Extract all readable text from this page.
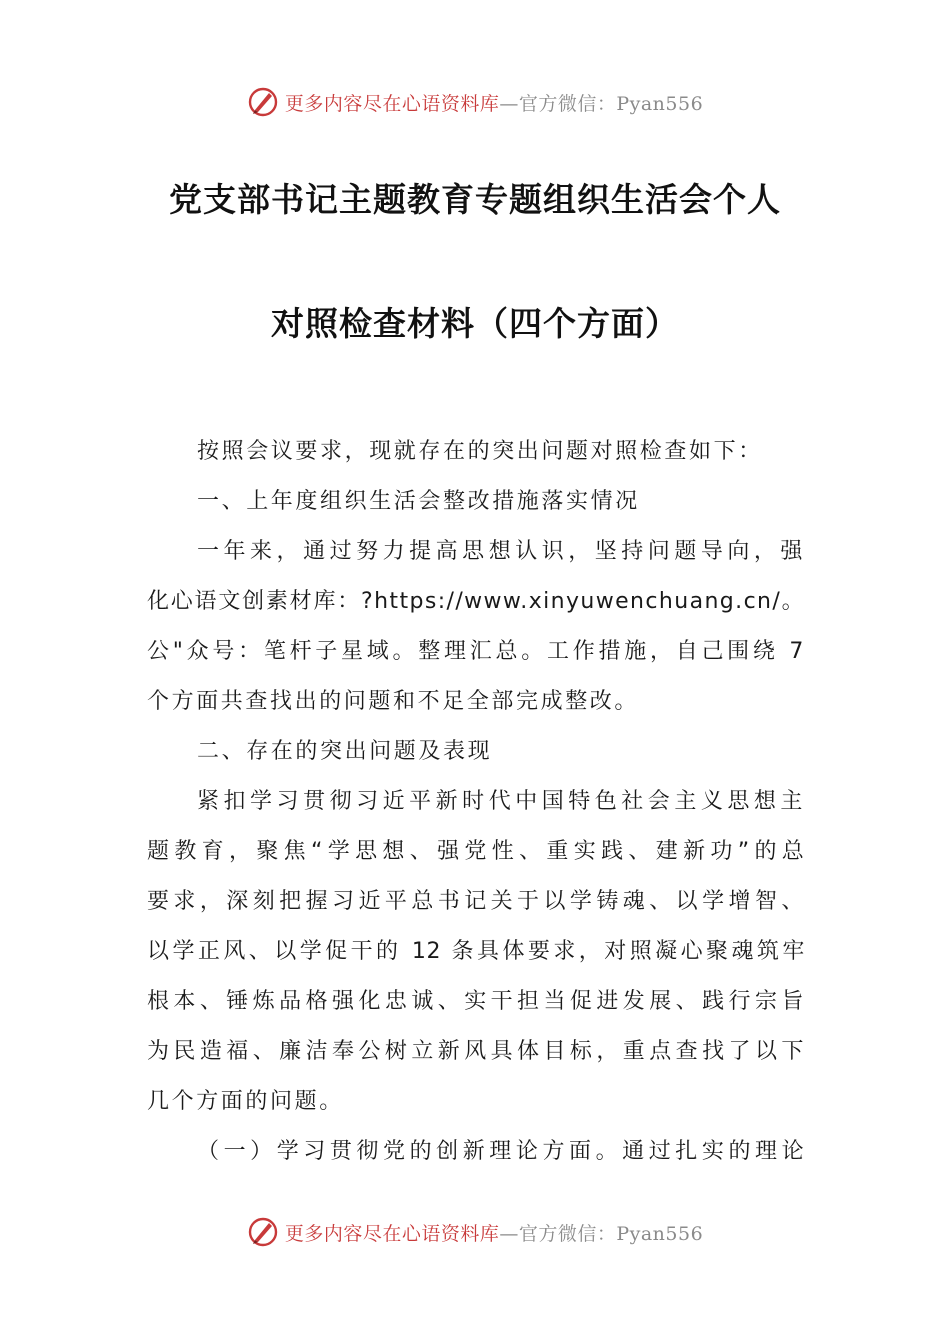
更多内容尽在心语资料库—官方微信：Pyan556
党支部书记主题教育专题组织生活会个人
对照检查材料（四个方面）
按照会议要求，现就存在的突出问题对照检查如下：
一、上年度组织生活会整改措施落实情况
一年来，通过努力提高思想认识，坚持问题导向，强
化心语文创素材库：?https://www.xinyuwenchuang.cn/。
公"众号：笔杆子星域。整理汇总。工作措施，自己围绕 7
个方面共查找出的问题和不足全部完成整改。
二、存在的突出问题及表现
紧扣学习贯彻习近平新时代中国特色社会主义思想主
题教育，聚焦“学思想、强党性、重实践、建新功”的总
要求，深刻把握习近平总书记关于以学铸魂、以学增智、
以学正风、以学促干的 12 条具体要求，对照凝心聚魂筑牢
根本、锤炼品格强化忠诚、实干担当促进发展、践行宗旨
为民造福、廉洁奉公树立新风具体目标，重点查找了以下
几个方面的问题。
（一）学习贯彻党的创新理论方面。通过扎实的理论
更多内容尽在心语资料库—官方微信：Pyan556
